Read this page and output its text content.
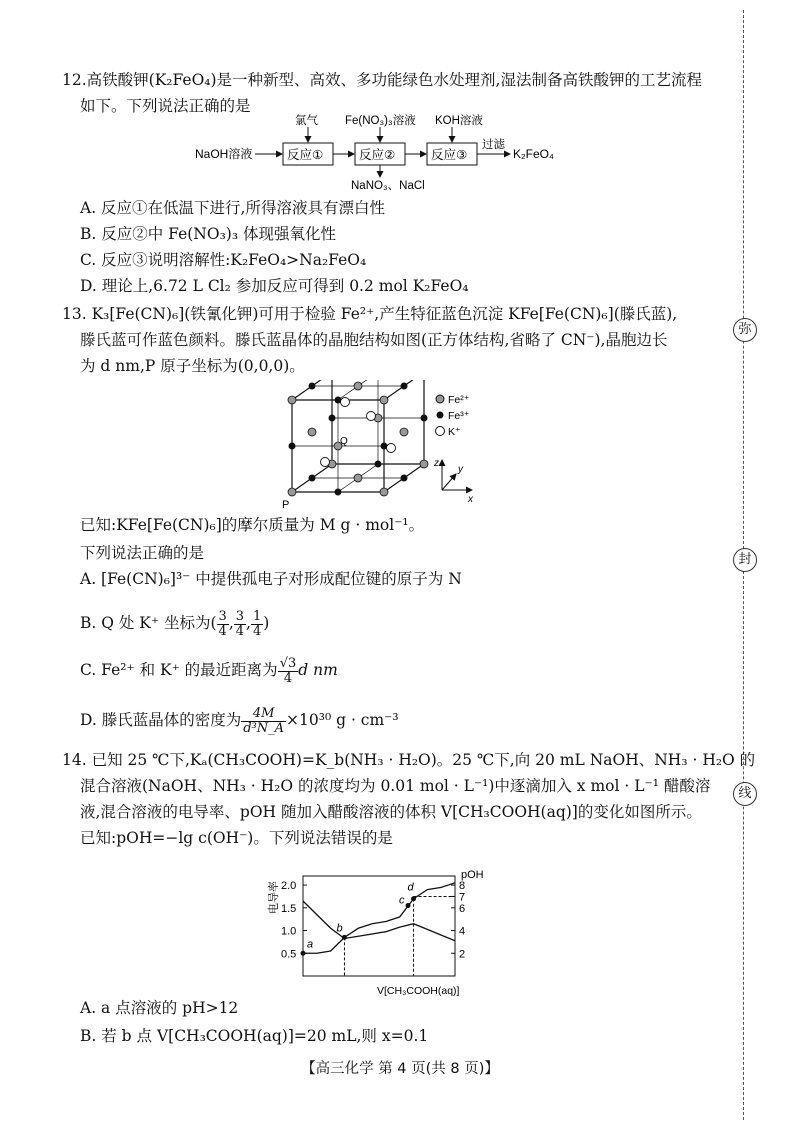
弥
封
线
12.高铁酸钾(K₂FeO₄)是一种新型、高效、多功能绿色水处理剂,湿法制备高铁酸钾的工艺流程
如下。下列说法正确的是
NaOH溶液	反应①	反应②	反应③
过滤
K₂FeO₄
氯气 Fe(NO₃)₃溶液 KOH溶液
NaNO₃、NaCl
A. 反应①在低温下进行,所得溶液具有漂白性
B. 反应②中 Fe(NO₃)₃ 体现强氧化性
C. 反应③说明溶解性:K₂FeO₄>Na₂FeO₄
D. 理论上,6.72 L Cl₂ 参加反应可得到 0.2 mol K₂FeO₄
13. K₃[Fe(CN)₆](铁氰化钾)可用于检验 Fe²⁺,产生特征蓝色沉淀 KFe[Fe(CN)₆](滕氏蓝),
滕氏蓝可作蓝色颜料。滕氏蓝晶体的晶胞结构如图(正方体结构,省略了 CN⁻),晶胞边长
为 d nm,P 原子坐标为(0,0,0)。
P
Q
Fe²⁺
Fe³⁺
K⁺
z
y
x
已知:KFe[Fe(CN)₆]的摩尔质量为 M g · mol⁻¹。
下列说法正确的是
A. [Fe(CN)₆]³⁻ 中提供孤电子对形成配位键的原子为 N
B. Q 处 K⁺ 坐标为( $\frac{3}{4}$ , $\frac{3}{4}$ , $\frac{1}{4}$ )
C. Fe²⁺ 和 K⁺ 的最近距离为 $\frac{√3}{4}$ d nm
D. 滕氏蓝晶体的密度为 $\frac{4M}{\text{d³N\_A}} \times 10^{30}$ g · cm⁻³
14. 已知 25 ℃下,Kₐ(CH₃COOH)=K_b(NH₃ · H₂O)。25 ℃下,向 20 mL NaOH、NH₃ · H₂O 的
混合溶液(NaOH、NH₃ · H₂O 的浓度均为 0.01 mol · L⁻¹)中逐滴加入 x mol · L⁻¹ 醋酸溶
液,混合溶液的电导率、pOH 随加入醋酸溶液的体积 V[CH₃COOH(aq)]的变化如图所示。
已知:pOH=−lg c(OH⁻)。下列说法错误的是
电导率
pOH
V[CH₃COOH(aq)]
0.5
1.0
1.5
2.0
2
4
6
7
8
a
b
c
d
A. a 点溶液的 pH>12
B. 若 b 点 V[CH₃COOH(aq)]=20 mL,则 x=0.1
【高三化学 第 4 页(共 8 页)】
